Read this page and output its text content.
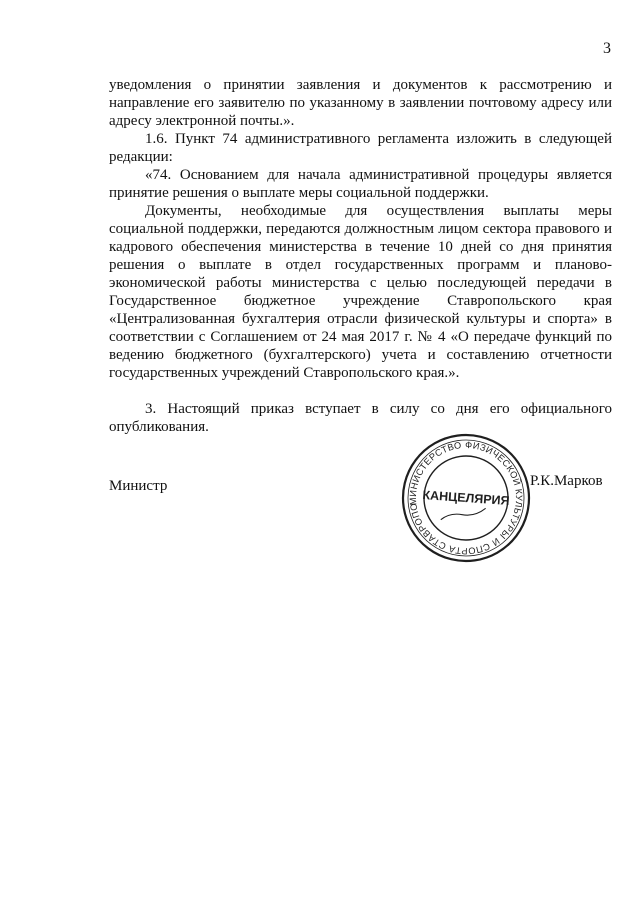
3

уведомления о принятии заявления и документов к рассмотрению и направление его заявителю по указанному в заявлении почтовому адресу или адресу электронной почты.».

1.6. Пункт 74 административного регламента изложить в следующей редакции:

«74. Основанием для начала административной процедуры является принятие решения о выплате меры социальной поддержки.

Документы, необходимые для осуществления выплаты меры социальной поддержки, передаются должностным лицом сектора правового и кадрового обеспечения министерства в течение 10 дней со дня принятия решения о выплате в отдел государственных программ и планово-экономической работы министерства с целью последующей передачи в Государственное бюджетное учреждение Ставропольского края «Централизованная бухгалтерия отрасли физической культуры и спорта» в соответствии с Соглашением от 24 мая 2017 г. № 4 «О передаче функций по ведению бюджетного (бухгалтерского) учета и составлению отчетности государственных учреждений Ставропольского края.».

3. Настоящий приказ вступает в силу со дня его официального опубликования.

Министр
МИНИСТЕРСТВО ФИЗИЧЕСКОЙ КУЛЬТУРЫ И СПОРТА СТАВРОПОЛЬСКОГО
КАНЦЕЛЯРИЯ
Р.К.Марков
